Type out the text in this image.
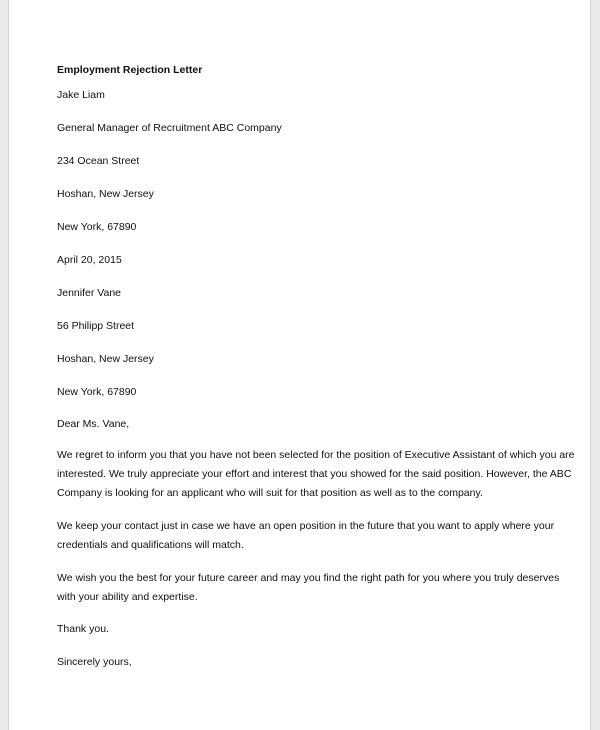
Employment Rejection Letter
Jake Liam
General Manager of Recruitment ABC Company
234 Ocean Street
Hoshan, New Jersey
New York, 67890
April 20, 2015
Jennifer Vane
56 Philipp Street
Hoshan, New Jersey
New York, 67890
Dear Ms. Vane,
We regret to inform you that you have not been selected for the position of Executive Assistant of which you are
interested. We truly appreciate your effort and interest that you showed for the said position. However, the ABC
Company is looking for an applicant who will suit for that position as well as to the company.
We keep your contact just in case we have an open position in the future that you want to apply where your
credentials and qualifications will match.
We wish you the best for your future career and may you find the right path for you where you truly deserves
with your ability and expertise.
Thank you.
Sincerely yours,
